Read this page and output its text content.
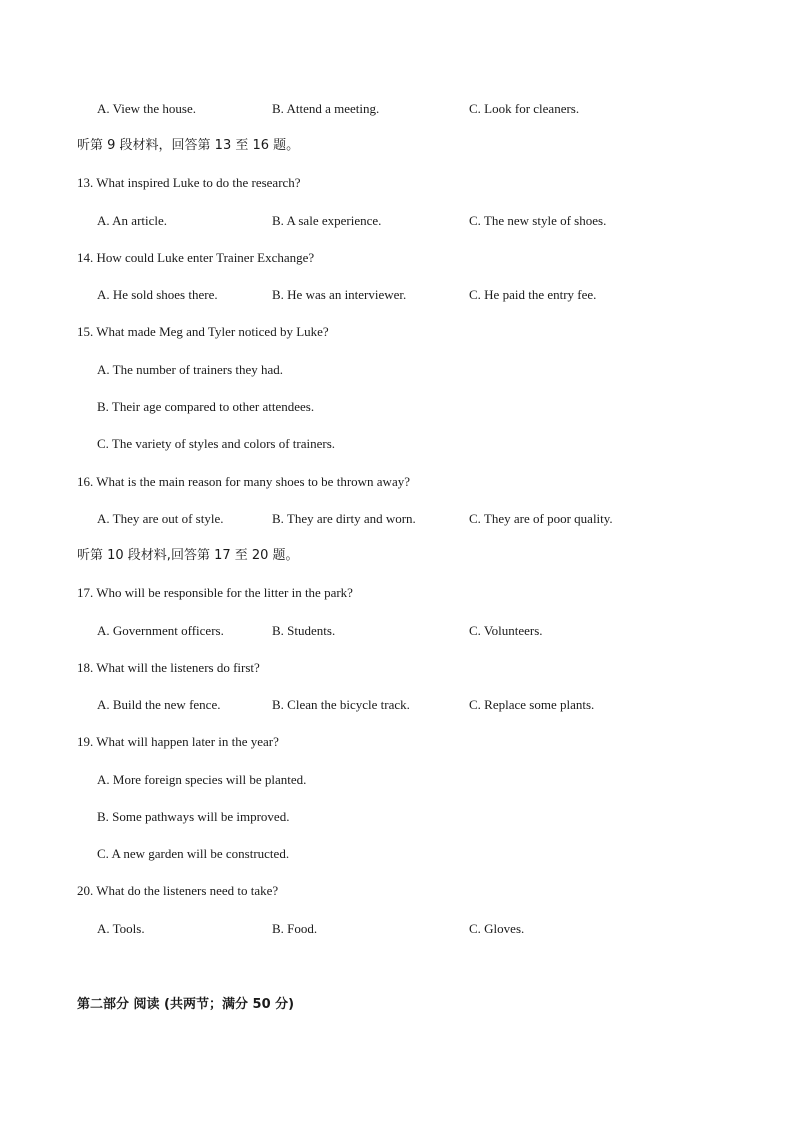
A. View the house.	B. Attend a meeting.	C. Look for cleaners.
听第 9 段材料，回答第 13 至 16 题。
13. What inspired Luke to do the research?
A. An article.	B. A sale experience.	C. The new style of shoes.
14. How could Luke enter Trainer Exchange?
A. He sold shoes there.	B. He was an interviewer.	C. He paid the entry fee.
15. What made Meg and Tyler noticed by Luke?
A. The number of trainers they had.
B. Their age compared to other attendees.
C. The variety of styles and colors of trainers.
16. What is the main reason for many shoes to be thrown away?
A. They are out of style.	B. They are dirty and worn.	C. They are of poor quality.
听第 10 段材料,回答第 17 至 20 题。
17. Who will be responsible for the litter in the park?
A. Government officers.	B. Students.	C. Volunteers.
18. What will the listeners do first?
A. Build the new fence.	B. Clean the bicycle track.	C. Replace some plants.
19. What will happen later in the year?
A. More foreign species will be planted.
B. Some pathways will be improved.
C. A new garden will be constructed.
20. What do the listeners need to take?
A. Tools.	B. Food.	C. Gloves.
第二部分 阅读 (共两节；满分 50 分)
